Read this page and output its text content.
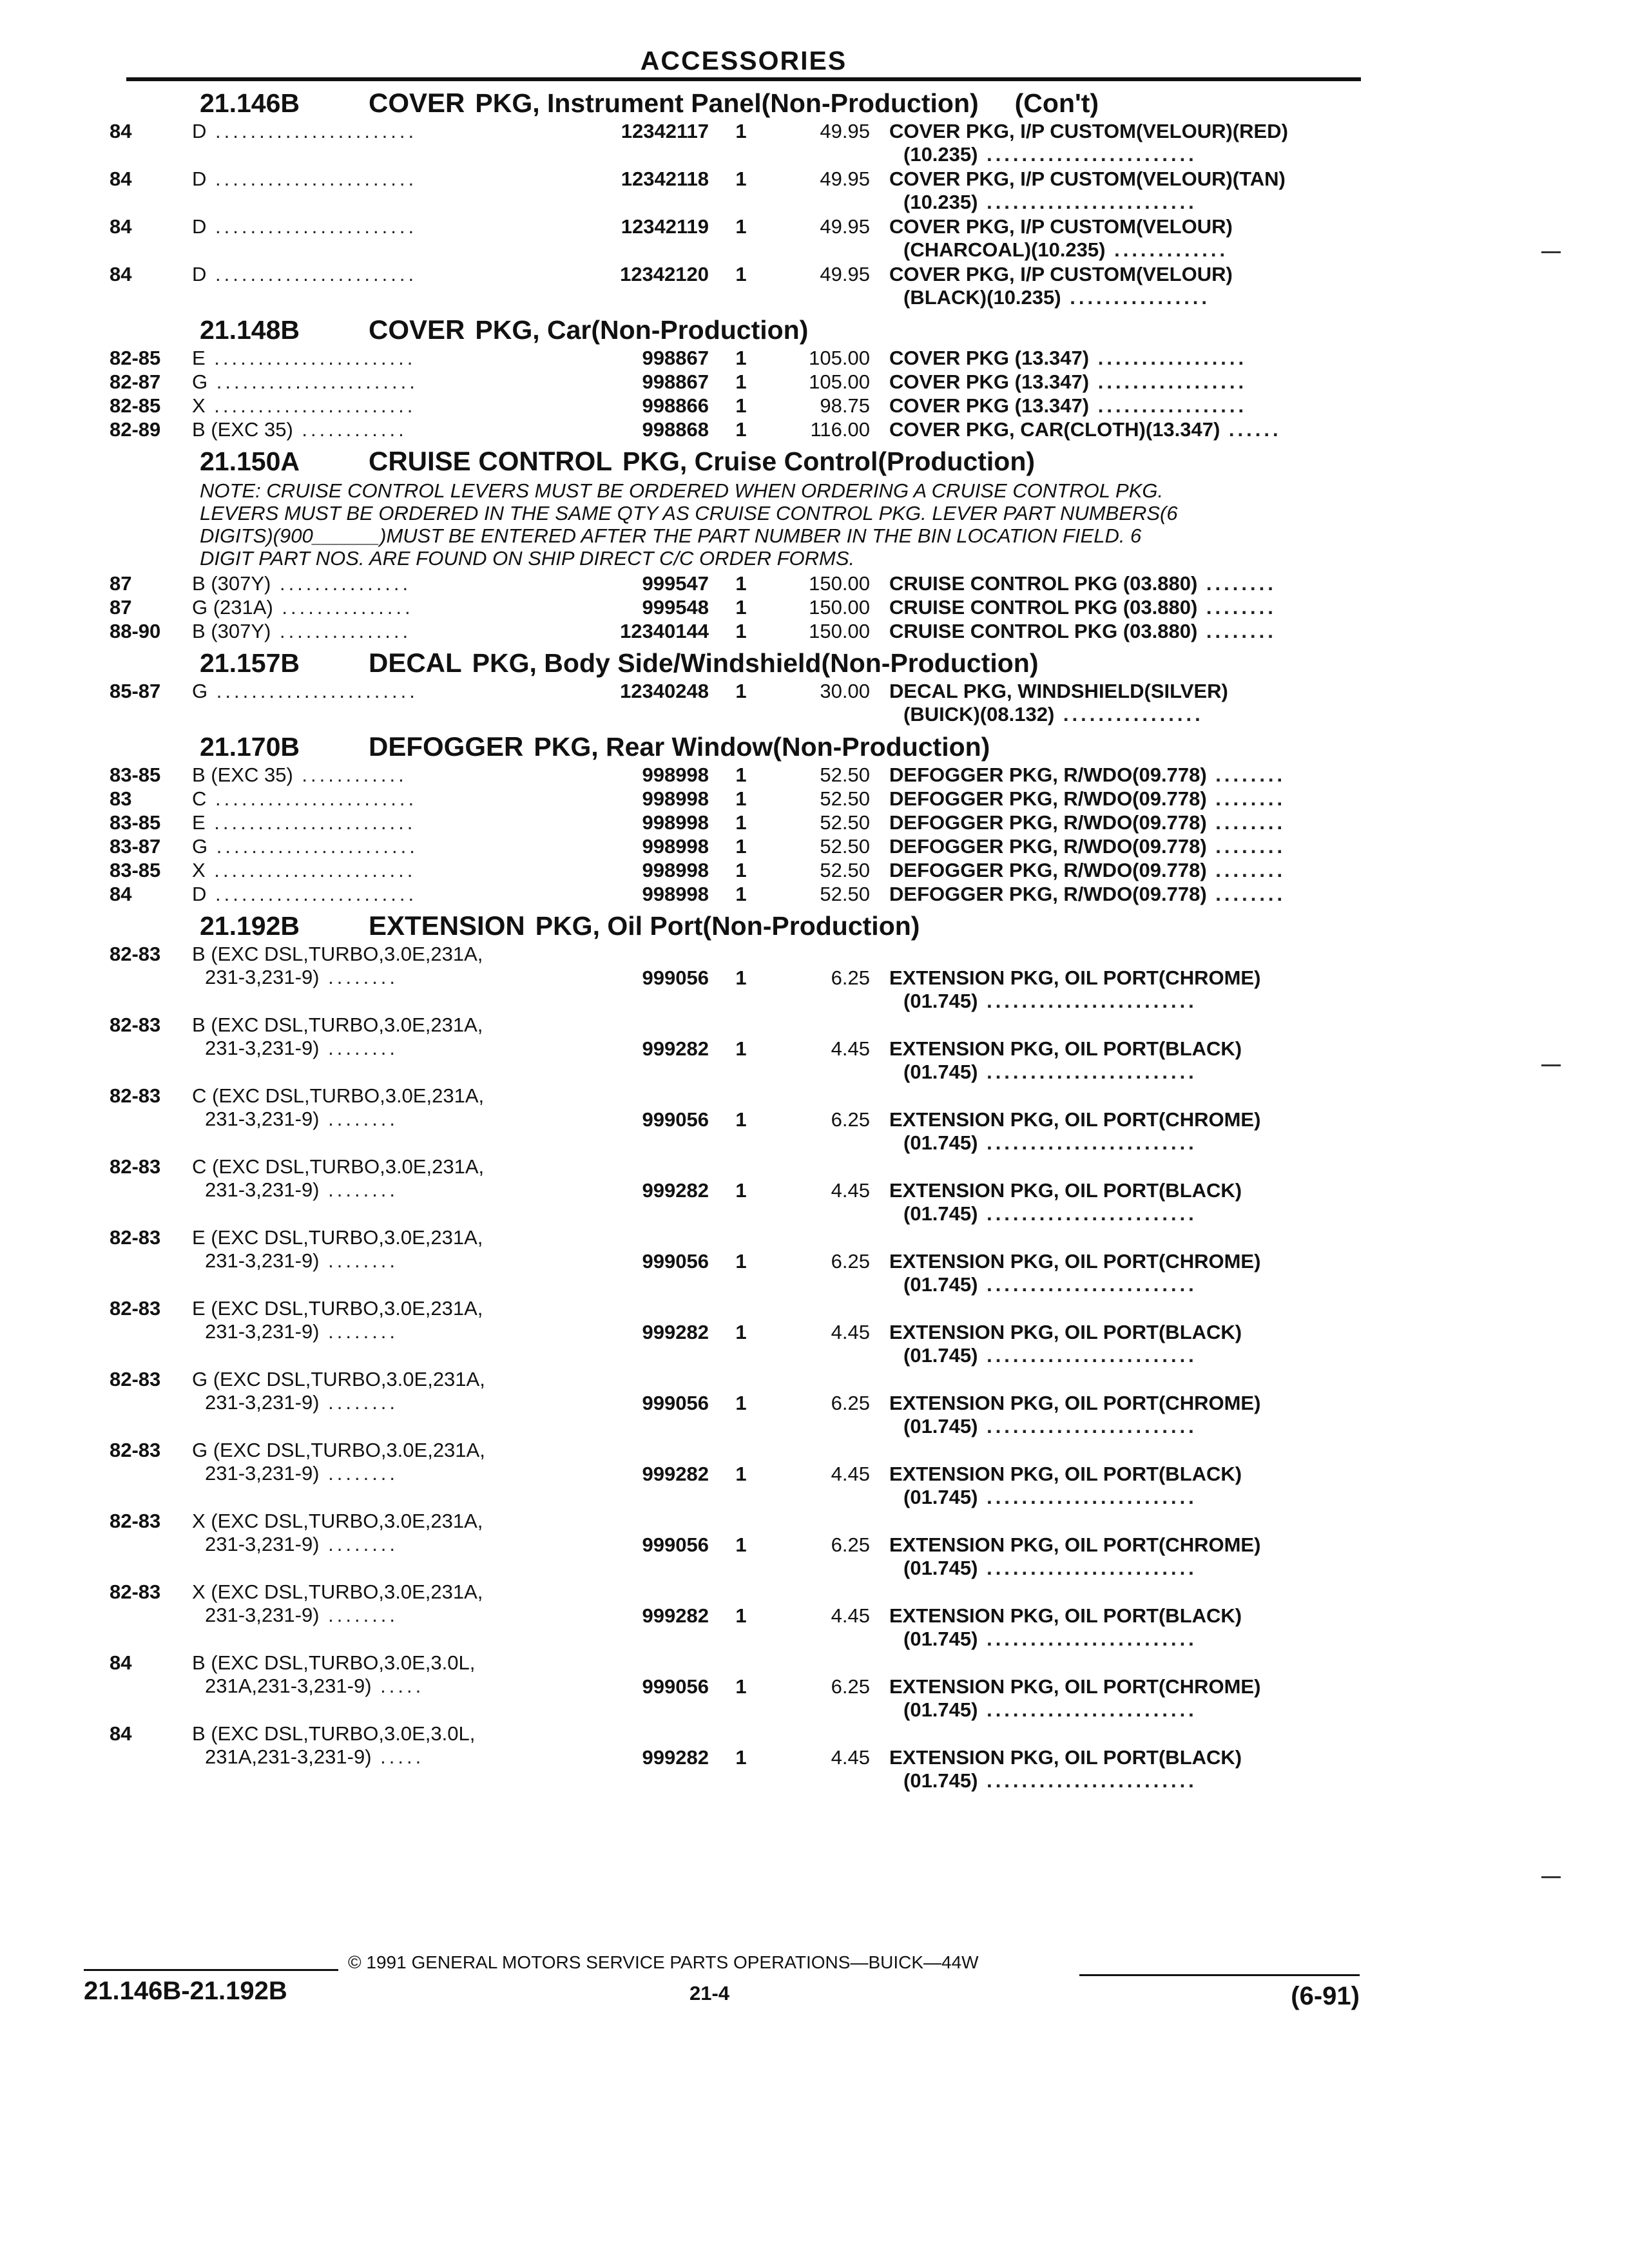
ACCESSORIES
21.146B	COVER PKG, Instrument Panel(Non-Production) (Con't)
84	D .......................	12342117	1	49.95 COVER PKG, I/P CUSTOM(VELOUR)(RED)
(10.235) ........................
84	D .......................	12342118	1	49.95 COVER PKG, I/P CUSTOM(VELOUR)(TAN)
(10.235) ........................
84	D .......................	12342119	1	49.95 COVER PKG, I/P CUSTOM(VELOUR)
(CHARCOAL)(10.235) .............
84	D .......................	12342120	1	49.95 COVER PKG, I/P CUSTOM(VELOUR)
(BLACK)(10.235) ................
21.148B	COVER PKG, Car(Non-Production)
82-85 E .......................	998867	1	105.00 COVER PKG (13.347) .................
82-87 G .......................	998867	1	105.00 COVER PKG (13.347) .................
82-85 X .......................	998866	1	98.75 COVER PKG (13.347) .................
82-89 B (EXC 35) ............	998868	1	116.00 COVER PKG, CAR(CLOTH)(13.347) ......
21.150A	CRUISE CONTROL PKG, Cruise Control(Production)
NOTE: CRUISE CONTROL LEVERS MUST BE ORDERED WHEN ORDERING A CRUISE CONTROL PKG.
LEVERS MUST BE ORDERED IN THE SAME QTY AS CRUISE CONTROL PKG. LEVER PART NUMBERS(6
DIGITS)(900______)MUST BE ENTERED AFTER THE PART NUMBER IN THE BIN LOCATION FIELD. 6
DIGIT PART NOS. ARE FOUND ON SHIP DIRECT C/C ORDER FORMS.
87	B (307Y) ...............	999547	1	150.00 CRUISE CONTROL PKG (03.880) ........
87	G (231A) ...............	999548	1	150.00 CRUISE CONTROL PKG (03.880) ........
88-90 B (307Y) ...............	12340144	1	150.00 CRUISE CONTROL PKG (03.880) ........
21.157B	DECAL PKG, Body Side/Windshield(Non-Production)
85-87 G .......................	12340248	1	30.00 DECAL PKG, WINDSHIELD(SILVER)
(BUICK)(08.132) ................
21.170B	DEFOGGER PKG, Rear Window(Non-Production)
83-85 B (EXC 35) ............	998998	1	52.50 DEFOGGER PKG, R/WDO(09.778) ........
83	C .......................	998998	1	52.50 DEFOGGER PKG, R/WDO(09.778) ........
83-85 E .......................	998998	1	52.50 DEFOGGER PKG, R/WDO(09.778) ........
83-87 G .......................	998998	1	52.50 DEFOGGER PKG, R/WDO(09.778) ........
83-85 X .......................	998998	1	52.50 DEFOGGER PKG, R/WDO(09.778) ........
84	D .......................	998998	1	52.50 DEFOGGER PKG, R/WDO(09.778) ........
21.192B	EXTENSION PKG, Oil Port(Non-Production)
82-83 B (EXC DSL,TURBO,3.0E,231A,
231-3,231-9) ........	999056	1	6.25 EXTENSION PKG, OIL PORT(CHROME)
(01.745) ........................
82-83 B (EXC DSL,TURBO,3.0E,231A,
231-3,231-9) ........	999282	1	4.45 EXTENSION PKG, OIL PORT(BLACK)
(01.745) ........................
82-83 C (EXC DSL,TURBO,3.0E,231A,
231-3,231-9) ........	999056	1	6.25 EXTENSION PKG, OIL PORT(CHROME)
(01.745) ........................
82-83 C (EXC DSL,TURBO,3.0E,231A,
231-3,231-9) ........	999282	1	4.45 EXTENSION PKG, OIL PORT(BLACK)
(01.745) ........................
82-83 E (EXC DSL,TURBO,3.0E,231A,
231-3,231-9) ........	999056	1	6.25 EXTENSION PKG, OIL PORT(CHROME)
(01.745) ........................
82-83 E (EXC DSL,TURBO,3.0E,231A,
231-3,231-9) ........	999282	1	4.45 EXTENSION PKG, OIL PORT(BLACK)
(01.745) ........................
82-83 G (EXC DSL,TURBO,3.0E,231A,
231-3,231-9) ........	999056	1	6.25 EXTENSION PKG, OIL PORT(CHROME)
(01.745) ........................
82-83 G (EXC DSL,TURBO,3.0E,231A,
231-3,231-9) ........	999282	1	4.45 EXTENSION PKG, OIL PORT(BLACK)
(01.745) ........................
82-83 X (EXC DSL,TURBO,3.0E,231A,
231-3,231-9) ........	999056	1	6.25 EXTENSION PKG, OIL PORT(CHROME)
(01.745) ........................
82-83 X (EXC DSL,TURBO,3.0E,231A,
231-3,231-9) ........	999282	1	4.45 EXTENSION PKG, OIL PORT(BLACK)
(01.745) ........................
84	B (EXC DSL,TURBO,3.0E,3.0L,
231A,231-3,231-9) .....	999056	1	6.25 EXTENSION PKG, OIL PORT(CHROME)
(01.745) ........................
84	B (EXC DSL,TURBO,3.0E,3.0L,
231A,231-3,231-9) .....	999282	1	4.45 EXTENSION PKG, OIL PORT(BLACK)
(01.745) ........................
© 1991 GENERAL MOTORS SERVICE PARTS OPERATIONS—BUICK—44W
21.146B-21.192B	21-4	(6-91)
